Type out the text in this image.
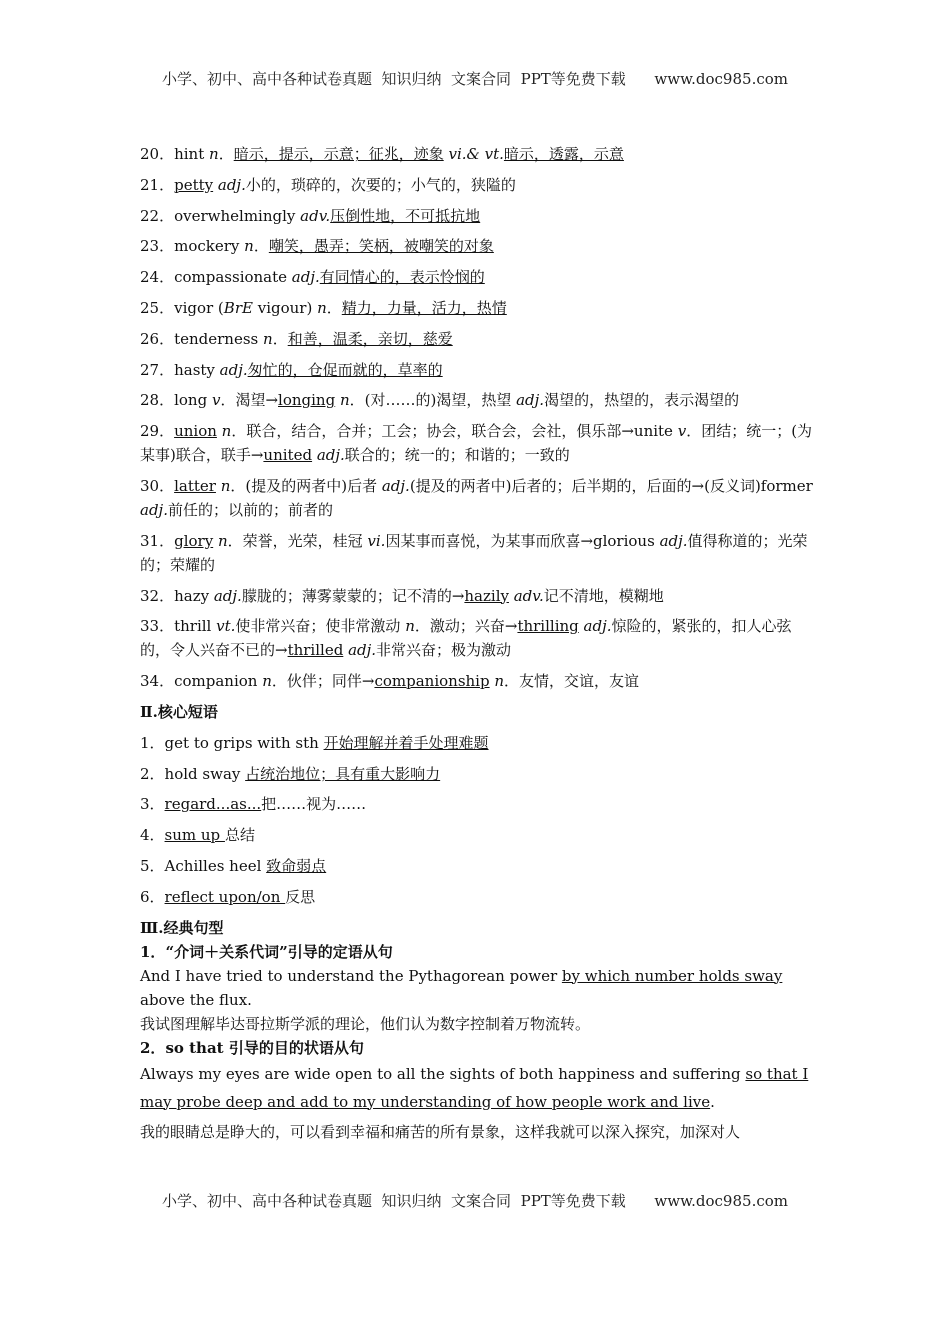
小学、初中、高中各种试卷真题  知识归纳  文案合同  PPT等免费下载      www.doc985.com

20．hint n．暗示，提示，示意；征兆，迹象 vi.& vt.暗示，透露，示意

21．petty adj.小的，琐碎的，次要的；小气的，狭隘的

22．overwhelmingly adv.压倒性地，不可抵抗地

23．mockery n．嘲笑，愚弄；笑柄，被嘲笑的对象

24．compassionate adj.有同情心的，表示怜悯的

25．vigor (BrE vigour) n．精力，力量，活力，热情

26．tenderness n．和善，温柔，亲切，慈爱

27．hasty adj.匆忙的，仓促而就的，草率的

28．long v．渴望→longing n．(对……的)渴望，热望 adj.渴望的，热望的，表示渴望的

29．union n．联合，结合，合并；工会；协会，联合会，会社，俱乐部→unite v．团结；统一；(为某事)联合，联手→united adj.联合的；统一的；和谐的；一致的

30．latter n．(提及的两者中)后者 adj.(提及的两者中)后者的；后半期的，后面的→(反义词)former adj.前任的；以前的；前者的

31．glory n．荣誉，光荣，桂冠 vi.因某事而喜悦，为某事而欣喜→glorious adj.值得称道的；光荣的；荣耀的

32．hazy adj.朦胧的；薄雾蒙蒙的；记不清的→hazily adv.记不清地，模糊地

33．thrill vt.使非常兴奋；使非常激动 n．激动；兴奋→thrilling adj.惊险的，紧张的，扣人心弦的，令人兴奋不已的→thrilled adj.非常兴奋；极为激动

34．companion n．伙伴；同伴→companionship n．友情，交谊，友谊

Ⅱ.核心短语

1．get to grips with sth 开始理解并着手处理难题

2．hold sway 占统治地位；具有重大影响力

3．regard...as...把……视为……

4．sum up 总结

5．Achilles heel 致命弱点

6．reflect upon/on 反思

Ⅲ.经典句型

1．“介词＋关系代词”引导的定语从句

And I have tried to understand the Pythagorean power by which number holds sway above the flux.

我试图理解毕达哥拉斯学派的理论，他们认为数字控制着万物流转。

2．so that 引导的目的状语从句

Always my eyes are wide open to all the sights of both happiness and suffering so that I may probe deep and add to my understanding of how people work and live.

我的眼睛总是睁大的，可以看到幸福和痛苦的所有景象，这样我就可以深入探究，加深对人

小学、初中、高中各种试卷真题  知识归纳  文案合同  PPT等免费下载      www.doc985.com
